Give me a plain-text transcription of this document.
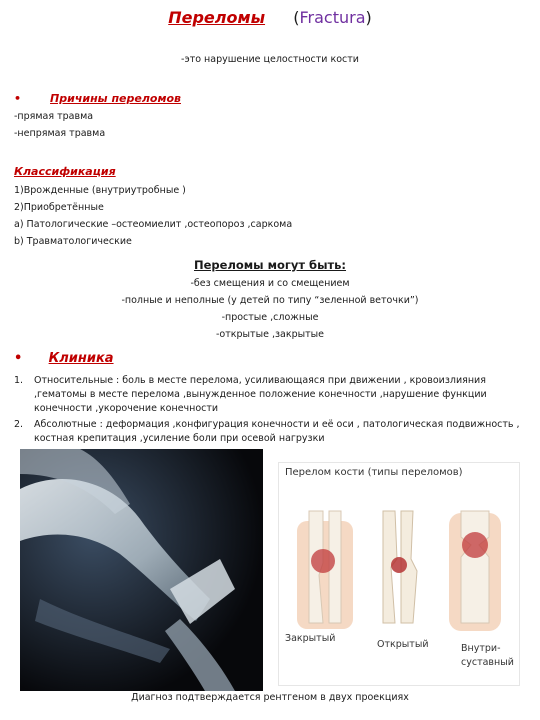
Переломы (Fractura)
-это нарушение целостности кости
•	Причины переломов
-прямая травма
-непрямая травма
Классификация
1)Врожденные (внутриутробные )
2)Приобретённые
a) Патологические –остеомиелит ,остеопороз ,саркома
b) Травматологические
Переломы могут быть:
-без смещения и со смещением
-полные и неполные (у детей по типу “зеленной веточки”)
-простые ,сложные
-открытые ,закрытые
• Клиника
1.	Относительные : боль в месте перелома, усиливающаяся при движении , кровоизлияния
,гематомы в месте перелома ,вынужденное положение конечности ,нарушение функции
конечности ,укорочение конечности
2.	Абсолютные : деформация ,конфигурация конечности и её оси , патологическая подвижность ,
костная крепитация ,усиление боли при осевой нагрузки
Перелом кости (типы переломов)
Закрытый
Открытый	Внутри-
суставный
Диагноз подтверждается рентгеном в двух проекциях
